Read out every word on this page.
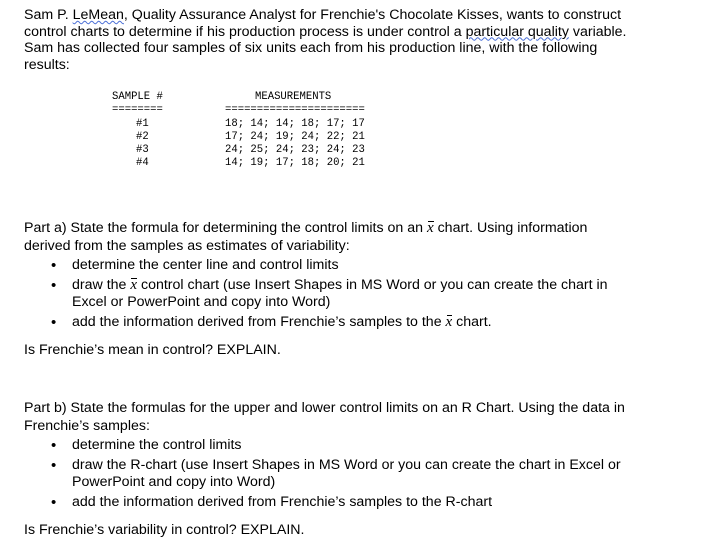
Sam P. LeMean, Quality Assurance Analyst for Frenchie's Chocolate Kisses, wants to construct

control charts to determine if his production process is under control a particular quality variable.

Sam has collected four samples of six units each from his production line, with the following

results:

SAMPLE #
========
#1
#2
#3
#4
MEASUREMENTS
======================
18; 14; 14; 18; 17; 17
17; 24; 19; 24; 22; 21
24; 25; 24; 23; 24; 23
14; 19; 17; 18; 20; 21

Part a) State the formula for determining the control limits on an x chart. Using information

derived from the samples as estimates of variability:

• determine the center line and control limits
• draw the x control chart (use Insert Shapes in MS Word or you can create the chart in
Excel or PowerPoint and copy into Word)
• add the information derived from Frenchie’s samples to the x chart.

Is Frenchie’s mean in control? EXPLAIN.

Part b) State the formulas for the upper and lower control limits on an R Chart. Using the data in

Frenchie’s samples:

• determine the control limits
• draw the R-chart (use Insert Shapes in MS Word or you can create the chart in Excel or
PowerPoint and copy into Word)
• add the information derived from Frenchie’s samples to the R-chart

Is Frenchie’s variability in control? EXPLAIN.
